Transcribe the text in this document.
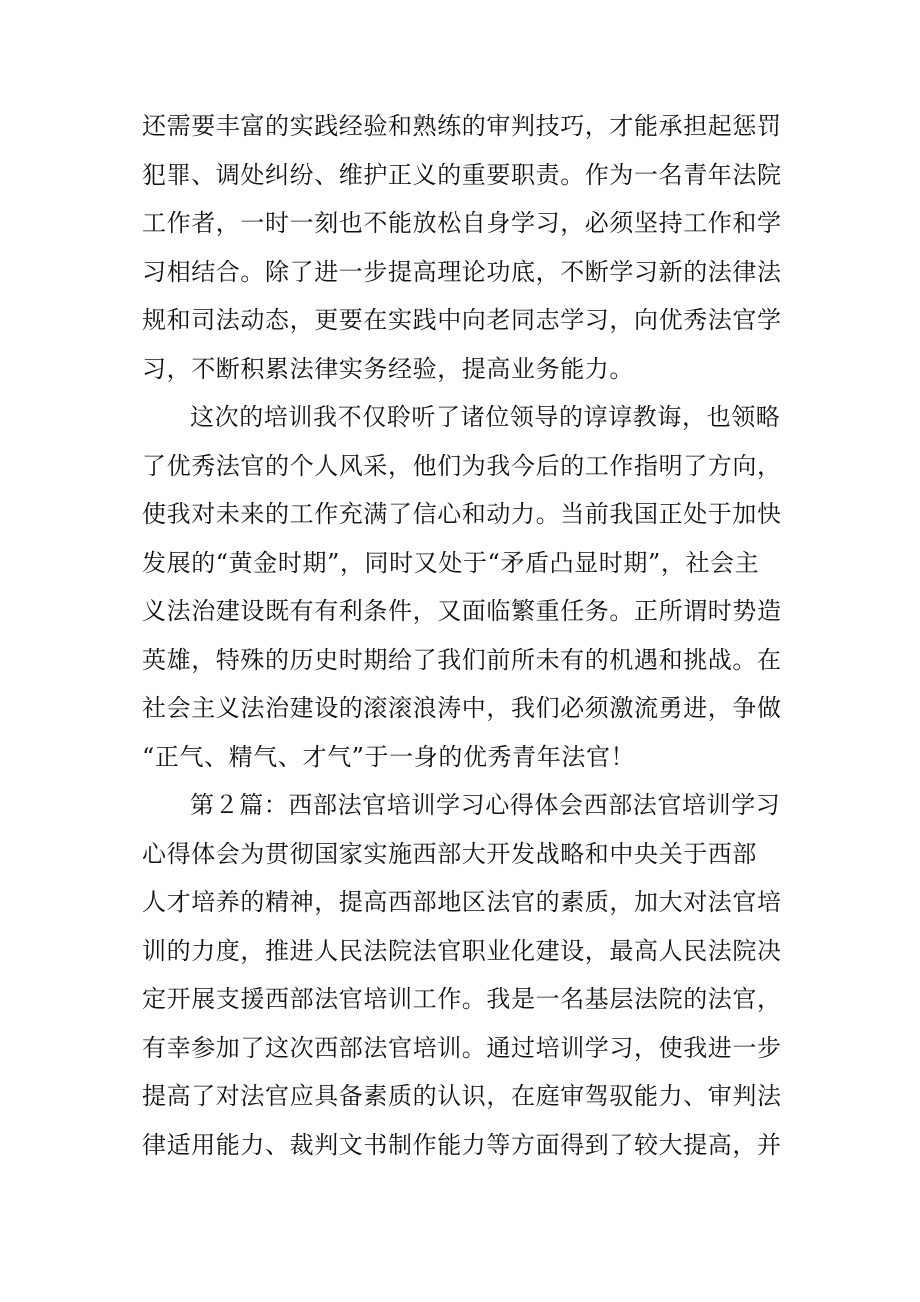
还需要丰富的实践经验和熟练的审判技巧，才能承担起惩罚
犯罪、调处纠纷、维护正义的重要职责。作为一名青年法院
工作者，一时一刻也不能放松自身学习，必须坚持工作和学
习相结合。除了进一步提高理论功底，不断学习新的法律法
规和司法动态，更要在实践中向老同志学习，向优秀法官学
习，不断积累法律实务经验，提高业务能力。
这次的培训我不仅聆听了诸位领导的谆谆教诲，也领略
了优秀法官的个人风采，他们为我今后的工作指明了方向，
使我对未来的工作充满了信心和动力。当前我国正处于加快
发展的“黄金时期”，同时又处于“矛盾凸显时期”，社会主
义法治建设既有有利条件，又面临繁重任务。正所谓时势造
英雄，特殊的历史时期给了我们前所未有的机遇和挑战。在
社会主义法治建设的滚滚浪涛中，我们必须激流勇进，争做
“正气、精气、才气”于一身的优秀青年法官！
第２篇：西部法官培训学习心得体会西部法官培训学习
心得体会为贯彻国家实施西部大开发战略和中央关于西部
人才培养的精神，提高西部地区法官的素质，加大对法官培
训的力度，推进人民法院法官职业化建设，最高人民法院决
定开展支援西部法官培训工作。我是一名基层法院的法官，
有幸参加了这次西部法官培训。通过培训学习，使我进一步
提高了对法官应具备素质的认识，在庭审驾驭能力、审判法
律适用能力、裁判文书制作能力等方面得到了较大提高，并
